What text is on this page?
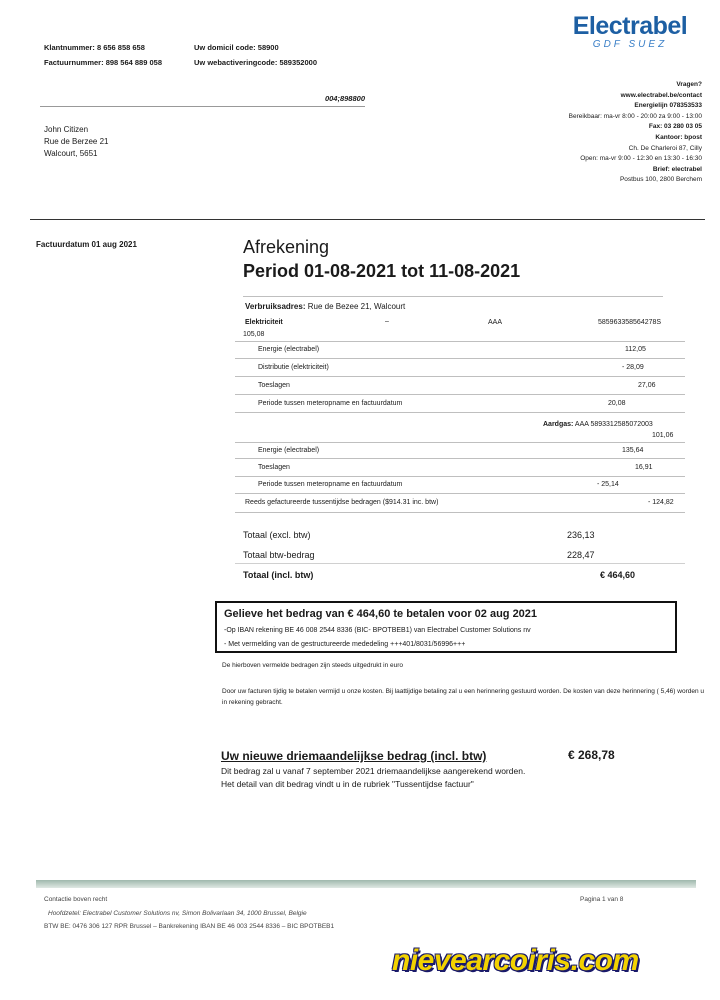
Klantnummer: 8 656 858 658	Uw domicil code: 58900
Factuurnummer: 898 564 889 058	Uw webactiveringcode: 589352000
004;898800
John Citizen
Rue de Berzee 21
Walcourt, 5651
Electrabel
GDF SUEZ
Vragen?
www.electrabel.be/contact
Energielijn 078353533
Bereikbaar: ma-vr 8:00 - 20:00 za 9:00 - 13:00
Fax: 03 280 03 05
Kantoor: bpost
Ch. De Charleroi 87, Cilly
Open: ma-vr 9:00 - 12:30 en 13:30 - 16:30
Brief: electrabel
Postbus 100, 2800 Berchem
Factuurdatum 01 aug 2021	Afrekening
Period 01-08-2021 tot 11-08-2021
Verbruiksadres: Rue de Bezee 21, Walcourt
Elektriciteit	–	AAA	585963358564278S
105,08
Energie (electrabel)	112,05
Distributie (elektriciteit)	- 28,09
Toeslagen	27,06
Periode tussen meteropname en factuurdatum	20,08
Aardgas: AAA 5893312585072003
101,06
Energie (electrabel)	135,64
Toeslagen	16,91
Periode tussen meteropname en factuurdatum	- 25,14
Reeds gefactureerde tussentijdse bedragen ($914.31 inc. btw)	- 124,82
Totaal (excl. btw)	236,13
Totaal btw-bedrag	228,47
Totaal (incl. btw)	€ 464,60
Gelieve het bedrag van € 464,60 te betalen voor 02 aug 2021
-Op IBAN rekening BE 46 008 2544 8336 (BIC- BPOTBEB1) van Electrabel Customer Solutions nv
- Met vermelding van de gestructureerde mededeling +++401/8031/56996+++
De hierboven vermelde bedragen zijn steeds uitgedrukt in euro
Door uw facturen tijdig te betalen vermijd u onze kosten. Bij laattijdige betaling zal u een herinnering gestuurd worden. De kosten van deze herinnering ( 5,46) worden u in rekening gebracht.
Uw nieuwe driemaandelijkse bedrag (incl. btw)	€ 268,78
Dit bedrag zal u vanaf 7 september 2021 driemaandelijkse aangerekend worden.
Het detail van dit bedrag vindt u in de rubriek "Tussentijdse factuur"
Contactie boven recht
Hoofdzetel: Electrabel Customer Solutions nv, Simon Bolivarlaan 34, 1000 Brussel, Belgie
BTW BE: 0476 306 127 RPR Brussel – Bankrekening IBAN BE 46 003 2544 8336 – BIC BPOTBEB1
Pagina 1 van 8
nievearcoiris.com
